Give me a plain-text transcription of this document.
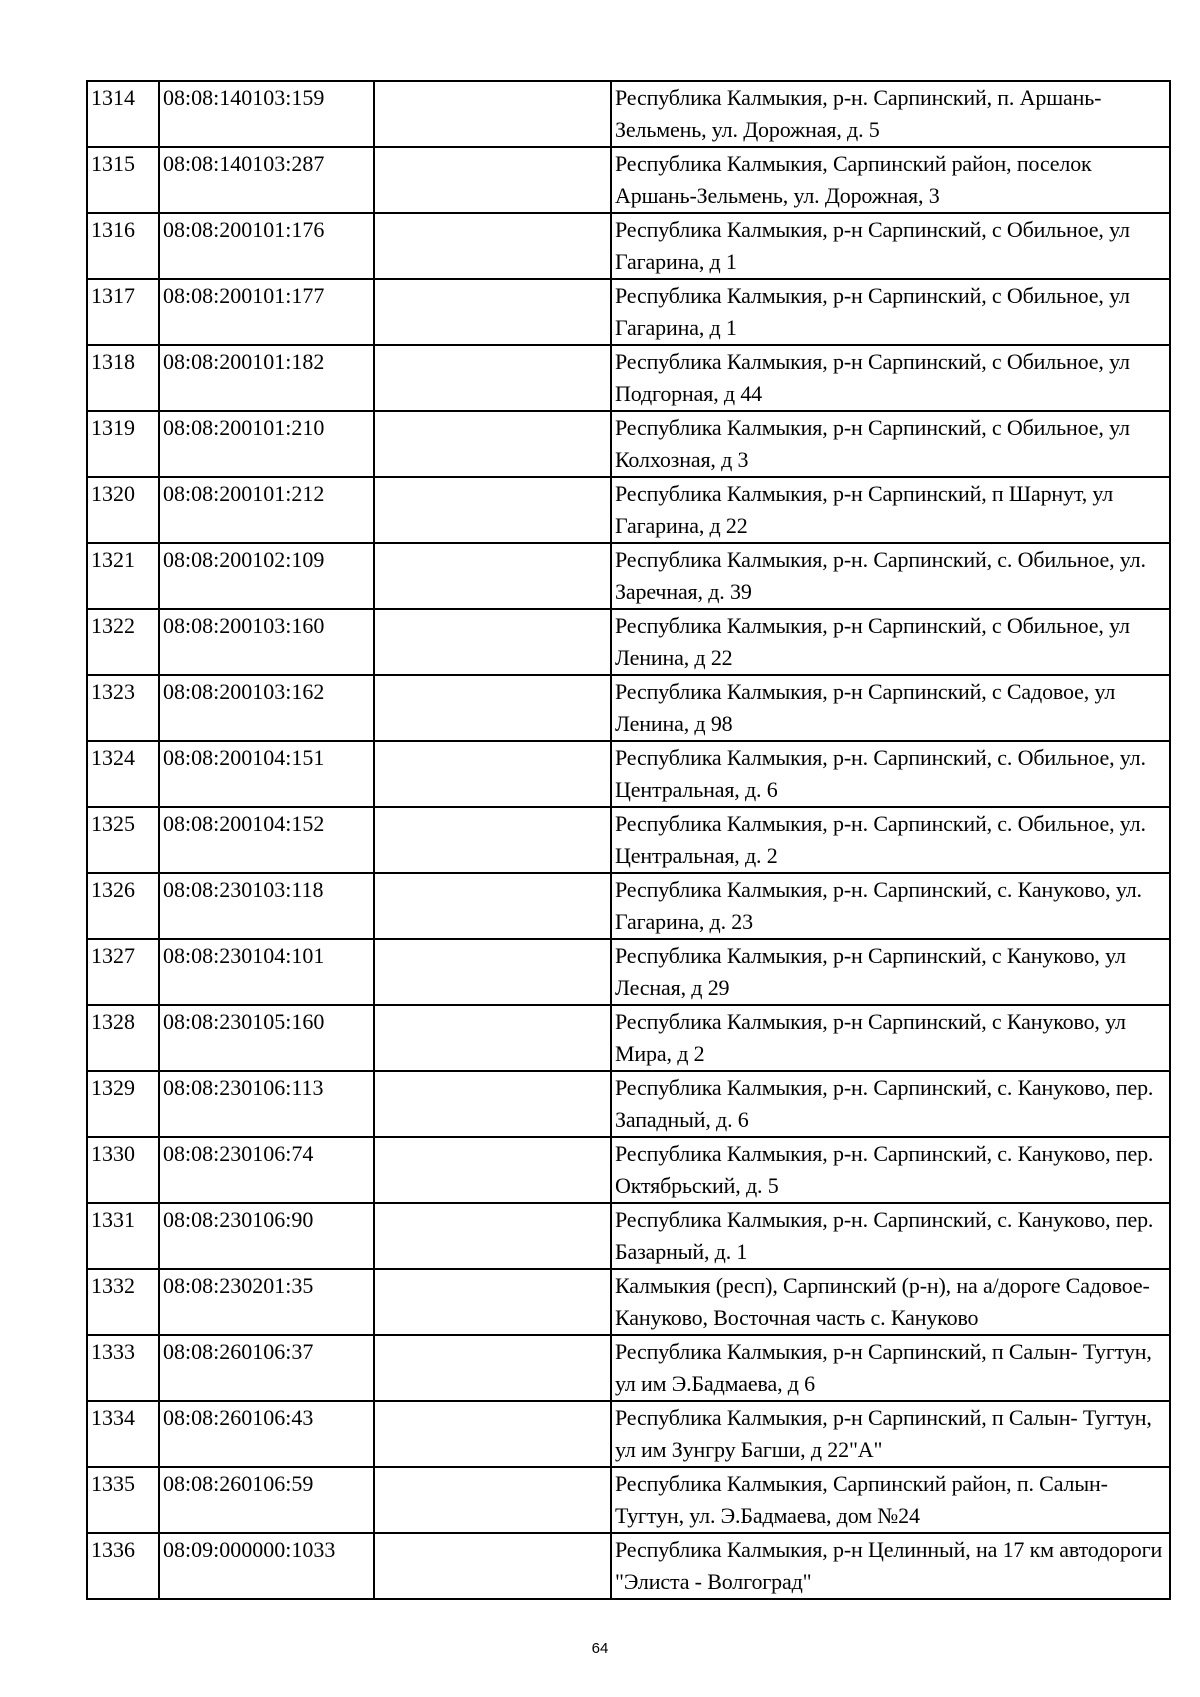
1314	08:08:140103:159		Республика Калмыкия, р-н. Сарпинский, п. Аршань-Зельмень, ул. Дорожная, д. 5
1315	08:08:140103:287		Республика Калмыкия, Сарпинский район, поселок Аршань-Зельмень, ул. Дорожная, 3
1316	08:08:200101:176		Республика Калмыкия, р-н Сарпинский, с Обильное, ул Гагарина, д 1
1317	08:08:200101:177		Республика Калмыкия, р-н Сарпинский, с Обильное, ул Гагарина, д 1
1318	08:08:200101:182		Республика Калмыкия, р-н Сарпинский, с Обильное, ул Подгорная, д 44
1319	08:08:200101:210		Республика Калмыкия, р-н Сарпинский, с Обильное, ул Колхозная, д 3
1320	08:08:200101:212		Республика Калмыкия, р-н Сарпинский, п Шарнут, ул Гагарина, д 22
1321	08:08:200102:109		Республика Калмыкия, р-н. Сарпинский, с. Обильное, ул. Заречная, д. 39
1322	08:08:200103:160		Республика Калмыкия, р-н Сарпинский, с Обильное, ул Ленина, д 22
1323	08:08:200103:162		Республика Калмыкия, р-н Сарпинский, с Садовое, ул Ленина, д 98
1324	08:08:200104:151		Республика Калмыкия, р-н. Сарпинский, с. Обильное, ул. Центральная, д. 6
1325	08:08:200104:152		Республика Калмыкия, р-н. Сарпинский, с. Обильное, ул. Центральная, д. 2
1326	08:08:230103:118		Республика Калмыкия, р-н. Сарпинский, с. Кануково, ул. Гагарина, д. 23
1327	08:08:230104:101		Республика Калмыкия, р-н Сарпинский, с Кануково, ул Лесная, д 29
1328	08:08:230105:160		Республика Калмыкия, р-н Сарпинский, с Кануково, ул Мира, д 2
1329	08:08:230106:113		Республика Калмыкия, р-н. Сарпинский, с. Кануково, пер. Западный, д. 6
1330	08:08:230106:74		Республика Калмыкия, р-н. Сарпинский, с. Кануково, пер. Октябрьский, д. 5
1331	08:08:230106:90		Республика Калмыкия, р-н. Сарпинский, с. Кануково, пер. Базарный, д. 1
1332	08:08:230201:35		Калмыкия (респ), Сарпинский (р-н), на а/дороге Садовое-Кануково, Восточная часть с. Кануково
1333	08:08:260106:37		Республика Калмыкия, р-н Сарпинский, п Салын- Тугтун, ул им Э.Бадмаева, д 6
1334	08:08:260106:43		Республика Калмыкия, р-н Сарпинский, п Салын- Тугтун, ул им Зунгру Багши, д 22"А"
1335	08:08:260106:59		Республика Калмыкия, Сарпинский район, п. Салын-Тугтун, ул. Э.Бадмаева, дом №24
1336	08:09:000000:1033		Республика Калмыкия, р-н Целинный, на 17 км автодороги "Элиста - Волгоград"
64
